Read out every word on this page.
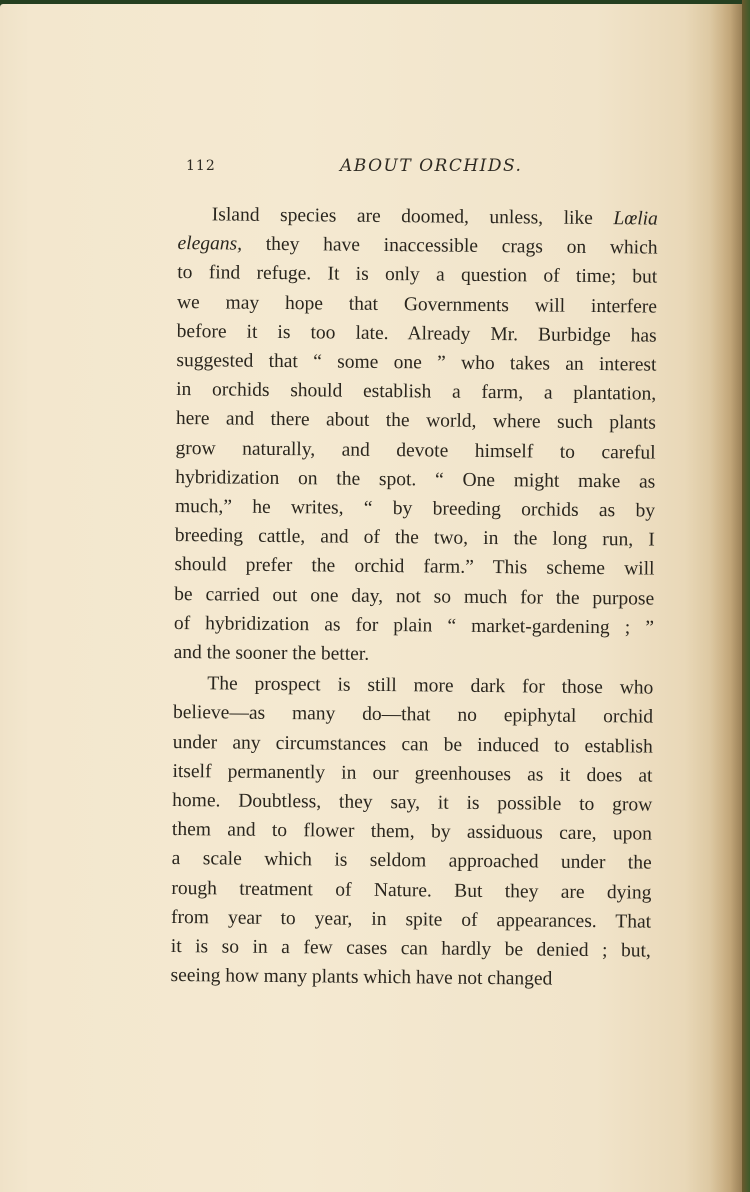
112	ABOUT ORCHIDS.
Island species are doomed, unless, like Lœlia
elegans, they have inaccessible crags on which
to find refuge. It is only a question of time; but
we may hope that Governments will interfere
before it is too late. Already Mr. Burbidge has
suggested that “ some one ” who takes an interest
in orchids should establish a farm, a plantation,
here and there about the world, where such plants
grow naturally, and devote himself to careful
hybridization on the spot. “ One might make as
much,” he writes, “ by breeding orchids as by
breeding cattle, and of the two, in the long run, I
should prefer the orchid farm.” This scheme will
be carried out one day, not so much for the purpose
of hybridization as for plain “ market-gardening ; ”
and the sooner the better.
The prospect is still more dark for those who
believe—as many do—that no epiphytal orchid
under any circumstances can be induced to establish
itself permanently in our greenhouses as it does at
home. Doubtless, they say, it is possible to grow
them and to flower them, by assiduous care, upon
a scale which is seldom approached under the
rough treatment of Nature. But they are dying
from year to year, in spite of appearances. That
it is so in a few cases can hardly be denied ; but,
seeing how many plants which have not changed
